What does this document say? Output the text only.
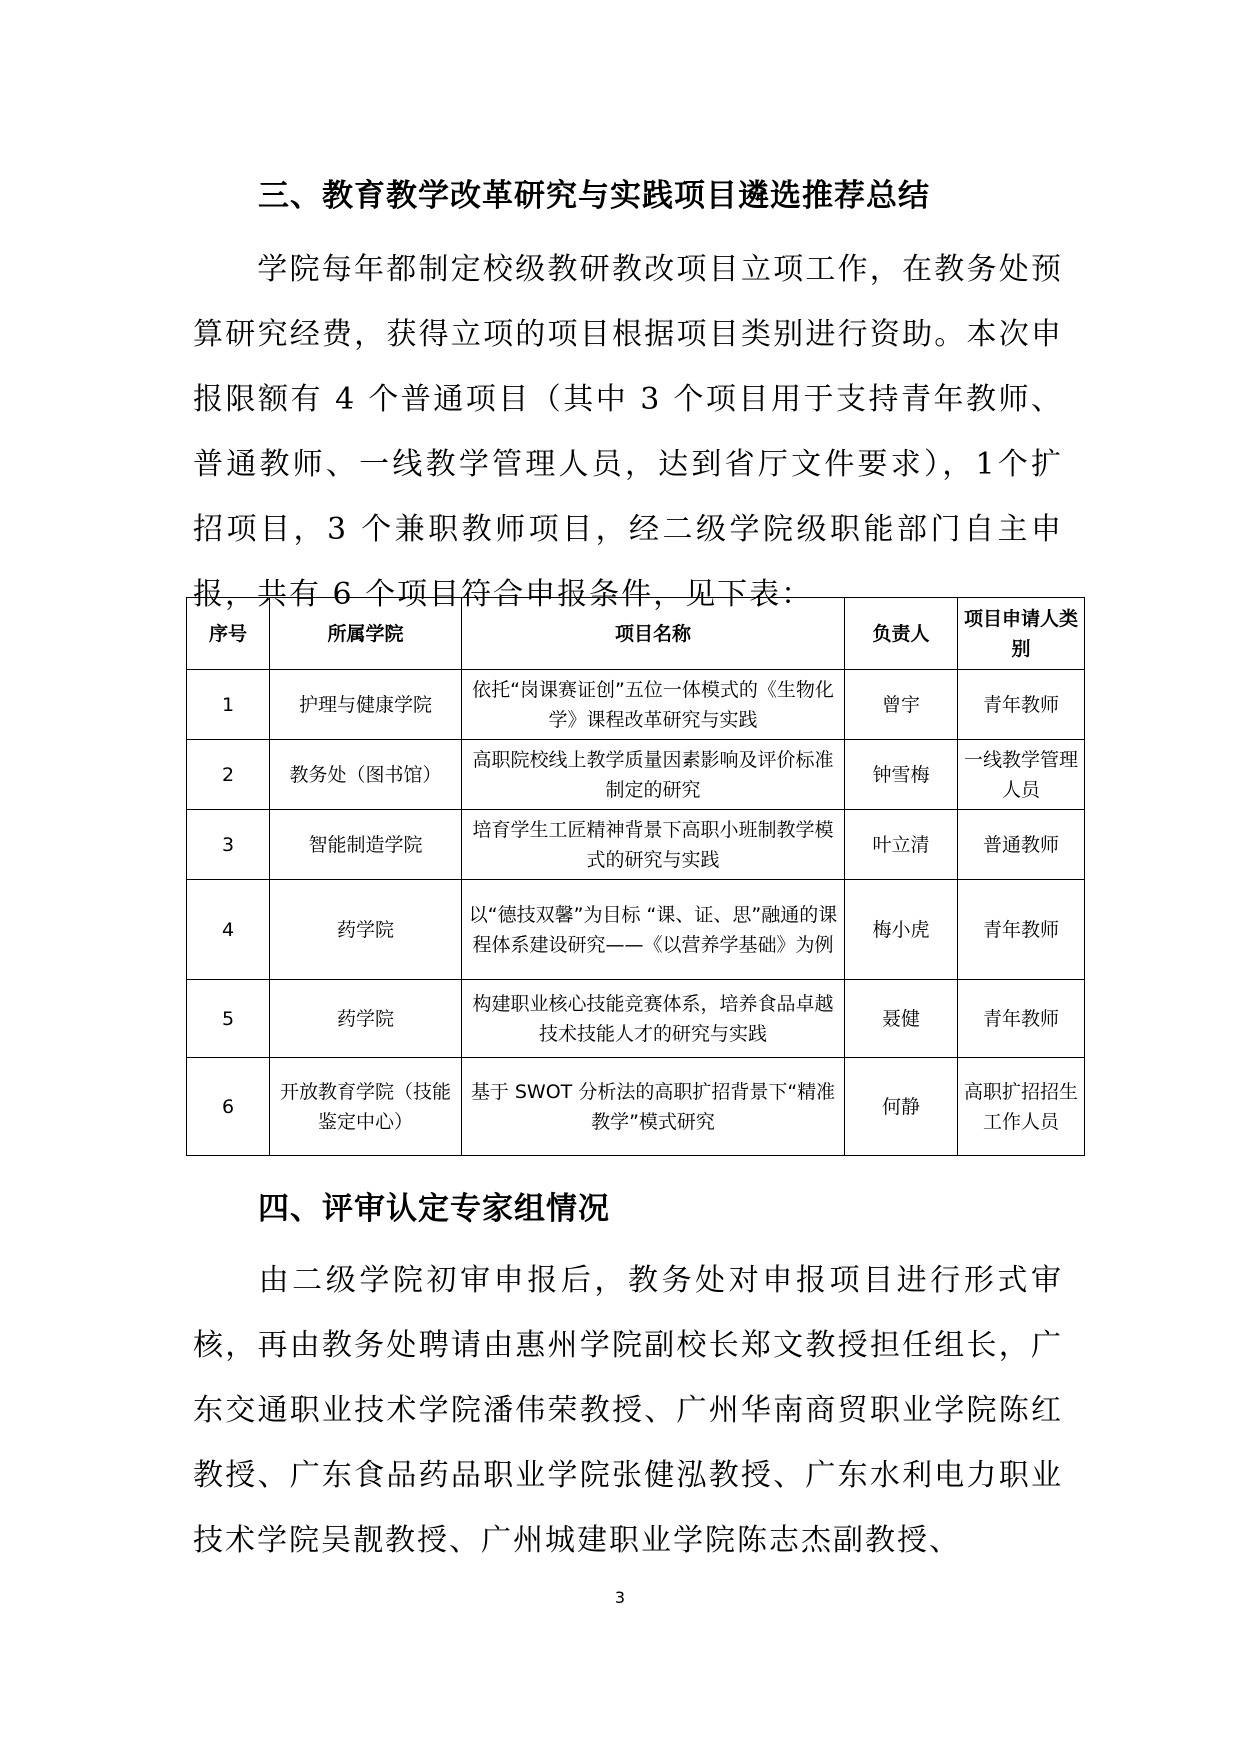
三、教育教学改革研究与实践项目遴选推荐总结

学院每年都制定校级教研教改项目立项工作，在教务处预算研究经费，获得立项的项目根据项目类别进行资助。本次申报限额有 4 个普通项目（其中 3 个项目用于支持青年教师、普通教师、一线教学管理人员，达到省厅文件要求），1个扩招项目，3 个兼职教师项目，经二级学院级职能部门自主申报，共有 6 个项目符合申报条件，见下表：

序号	所属学院	项目名称	负责人	项目申请人类别
1	护理与健康学院	依托“岗课赛证创”五位一体模式的《生物化学》课程改革研究与实践	曾宇	青年教师
2	教务处（图书馆）	高职院校线上教学质量因素影响及评价标准制定的研究	钟雪梅	一线教学管理人员
3	智能制造学院	培育学生工匠精神背景下高职小班制教学模式的研究与实践	叶立清	普通教师
4	药学院	以“德技双馨”为目标 “课、证、思”融通的课程体系建设研究——《以营养学基础》为例	梅小虎	青年教师
5	药学院	构建职业核心技能竞赛体系，培养食品卓越技术技能人才的研究与实践	聂健	青年教师
6	开放教育学院（技能鉴定中心）	基于 SWOT 分析法的高职扩招背景下“精准教学”模式研究	何静	高职扩招招生工作人员
四、评审认定专家组情况

由二级学院初审申报后，教务处对申报项目进行形式审核，再由教务处聘请由惠州学院副校长郑文教授担任组长，广东交通职业技术学院潘伟荣教授、广州华南商贸职业学院陈红教授、广东食品药品职业学院张健泓教授、广东水利电力职业技术学院吴靓教授、广州城建职业学院陈志杰副教授、

3
